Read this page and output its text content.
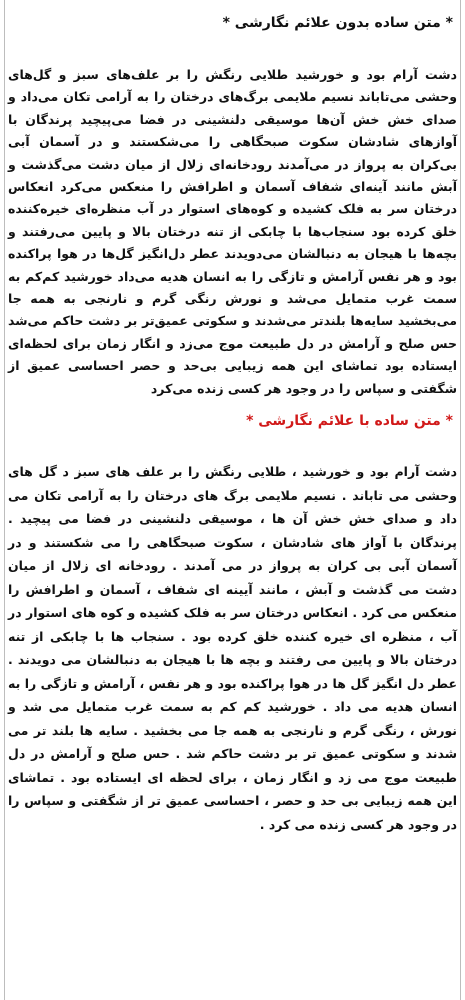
* متن ساده بدون علائم نگارشی *

دشت آرام بود و خورشید طلایی رنگش را بر علف‌های سبز و گل‌های وحشی می‌تاباند نسیم ملایمی برگ‌های درختان را به آرامی تکان می‌داد و صدای خش خش آن‌ها موسیقی دلنشینی در فضا می‌پیچید پرندگان با آوازهای شادشان سکوت صبحگاهی را می‌شکستند و در آسمان آبی بی‌کران به پرواز در می‌آمدند رودخانه‌ای زلال از میان دشت می‌گذشت و آبش مانند آینه‌ای شفاف آسمان و اطرافش را منعکس می‌کرد انعکاس درختان سر به فلک کشیده و کوه‌های استوار در آب منظره‌ای خیره‌کننده خلق کرده بود سنجاب‌ها با چابکی از تنه درختان بالا و پایین می‌رفتند و بچه‌ها با هیجان به دنبالشان می‌دویدند عطر دل‌انگیز گل‌ها در هوا پراکنده بود و هر نفس آرامش و تازگی را به انسان هدیه می‌داد خورشید کم‌کم به سمت غرب متمایل می‌شد و نورش رنگی گرم و نارنجی به همه جا می‌بخشید سایه‌ها بلندتر می‌شدند و سکوتی عمیق‌تر بر دشت حاکم می‌شد حس صلح و آرامش در دل طبیعت موج می‌زد و انگار زمان برای لحظه‌ای ایستاده بود تماشای این همه زیبایی بی‌حد و حصر احساسی عمیق از شگفتی و سپاس را در وجود هر کسی زنده می‌کرد

* متن ساده با علائم نگارشی *

دشت آرام بود و خورشید ، طلایی رنگش را بر علف های سبز د گل های وحشی می تاباند . نسیم ملایمی برگ های درختان را به آرامی تکان می داد و صدای خش خش آن ها ، موسیقی دلنشینی در فضا می پیچید . پرندگان با آواز های شادشان ، سکوت صبحگاهی را می شکستند و در آسمان آبی بی کران به پرواز در می آمدند . رودخانه ای زلال از میان دشت می گذشت و آبش ، مانند آیینه ای شفاف ، آسمان و اطرافش را منعکس می کرد . انعکاس درختان سر به فلک کشیده و کوه های استوار در آب ، منظره ای خیره کننده خلق کرده بود . سنجاب ها با چابکی از تنه درختان بالا و پایین می رفتند و بچه ها با هیجان به دنبالشان می دویدند . عطر دل انگیز گل ها در هوا پراکنده بود و هر نفس ، آرامش و تازگی را به انسان هدیه می داد . خورشید کم کم به سمت غرب متمایل می شد و نورش ، رنگی گرم و نارنجی به همه جا می بخشید . سایه ها بلند تر می شدند و سکوتی عمیق تر بر دشت حاکم شد . حس صلح و آرامش در دل طبیعت موج می زد و انگار زمان ، برای لحظه ای ایستاده بود . تماشای این همه زیبایی بی حد و حصر ، احساسی عمیق تر از شگفتی و سپاس را در وجود هر کسی زنده می کرد .
